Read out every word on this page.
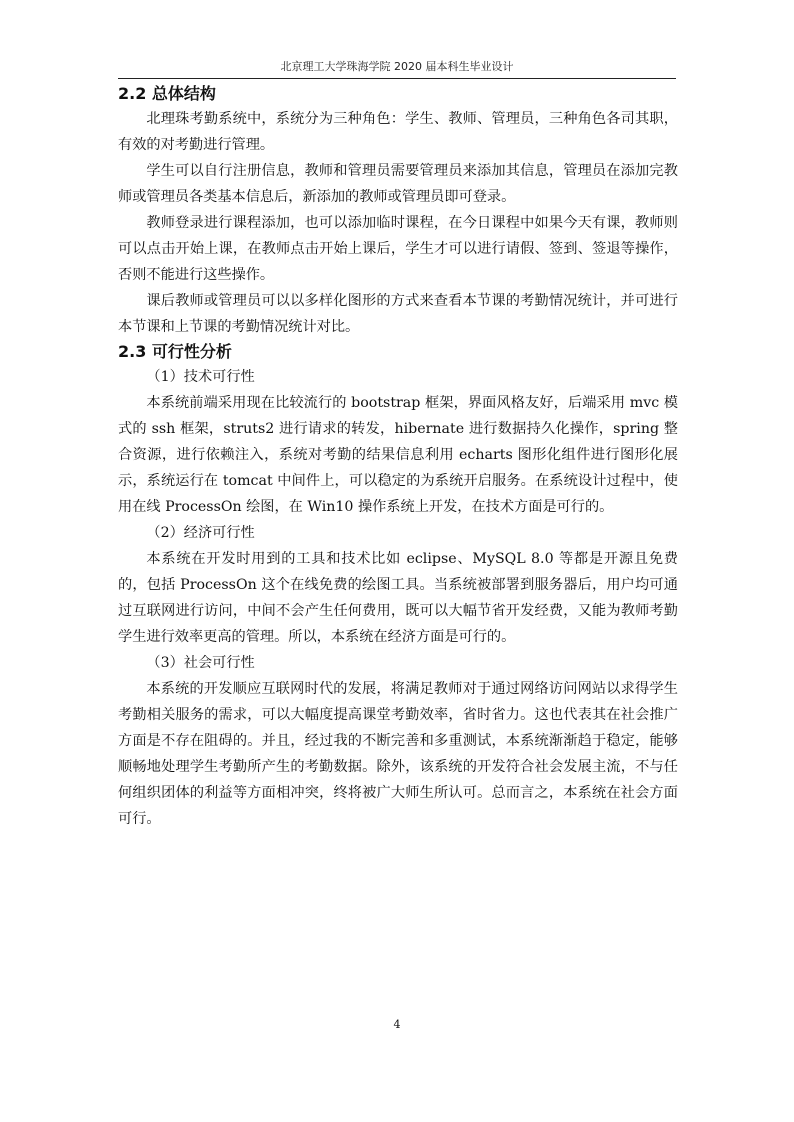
北京理工大学珠海学院 2020 届本科生毕业设计
2.2 总体结构

北理珠考勤系统中，系统分为三种角色：学生、教师、管理员，三种角色各司其职，有效的对考勤进行管理。

学生可以自行注册信息，教师和管理员需要管理员来添加其信息，管理员在添加完教师或管理员各类基本信息后，新添加的教师或管理员即可登录。

教师登录进行课程添加，也可以添加临时课程，在今日课程中如果今天有课，教师则可以点击开始上课，在教师点击开始上课后，学生才可以进行请假、签到、签退等操作，否则不能进行这些操作。

课后教师或管理员可以以多样化图形的方式来查看本节课的考勤情况统计，并可进行本节课和上节课的考勤情况统计对比。

2.3 可行性分析

（1）技术可行性

本系统前端采用现在比较流行的 bootstrap 框架，界面风格友好，后端采用 mvc 模式的 ssh 框架，struts2 进行请求的转发，hibernate 进行数据持久化操作，spring 整合资源，进行依赖注入，系统对考勤的结果信息利用 echarts 图形化组件进行图形化展示，系统运行在 tomcat 中间件上，可以稳定的为系统开启服务。在系统设计过程中，使用在线 ProcessOn 绘图，在 Win10 操作系统上开发，在技术方面是可行的。

（2）经济可行性

本系统在开发时用到的工具和技术比如 eclipse、MySQL 8.0 等都是开源且免费的，包括 ProcessOn 这个在线免费的绘图工具。当系统被部署到服务器后，用户均可通过互联网进行访问，中间不会产生任何费用，既可以大幅节省开发经费，又能为教师考勤学生进行效率更高的管理。所以，本系统在经济方面是可行的。

（3）社会可行性

本系统的开发顺应互联网时代的发展，将满足教师对于通过网络访问网站以求得学生考勤相关服务的需求，可以大幅度提高课堂考勤效率，省时省力。这也代表其在社会推广方面是不存在阻碍的。并且，经过我的不断完善和多重测试，本系统渐渐趋于稳定，能够顺畅地处理学生考勤所产生的考勤数据。除外，该系统的开发符合社会发展主流，不与任何组织团体的利益等方面相冲突，终将被广大师生所认可。总而言之，本系统在社会方面可行。

4
